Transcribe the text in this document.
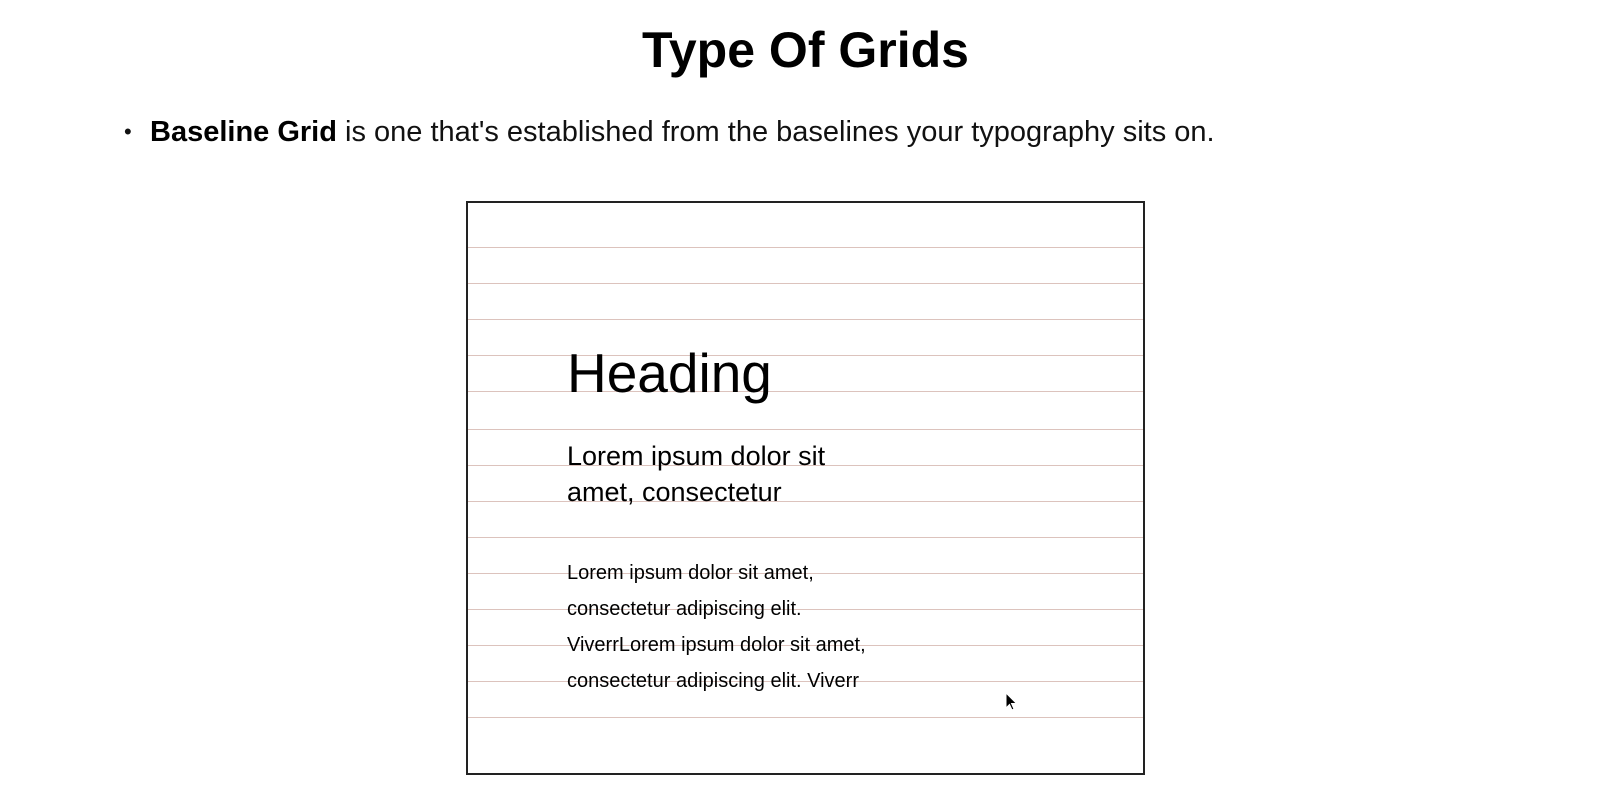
Type Of Grids
• Baseline Grid is one that's established from the baselines your typography sits on.
Heading
Lorem ipsum dolor sit
amet, consectetur
Lorem ipsum dolor sit amet,
consectetur adipiscing elit.
ViverrLorem ipsum dolor sit amet,
consectetur adipiscing elit. Viverr
